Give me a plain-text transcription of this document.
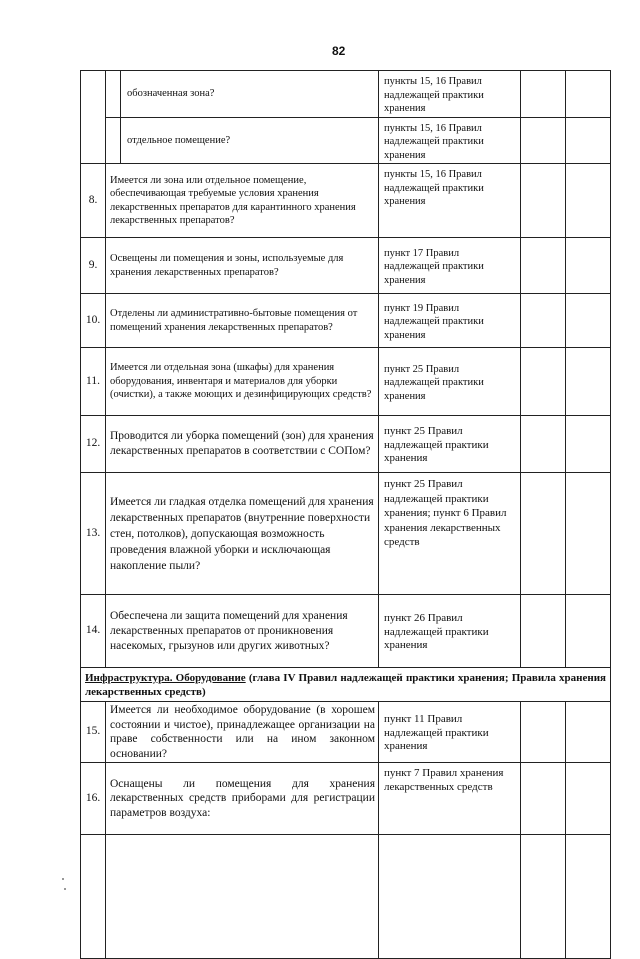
82
		обозначенная зона?	пункты 15, 16 Правил надлежащей практики хранения		
		отдельное помещение?	пункты 15, 16 Правил надлежащей практики хранения		
8.	Имеется ли зона или отдельное помещение, обеспечивающая требуемые условия хранения лекарственных препаратов для карантинного хранения лекарственных препаратов?		пункты 15, 16 Правил надлежащей практики хранения		
9.	Освещены ли помещения и зоны, используемые для хранения лекарственных препаратов?		пункт 17 Правил надлежащей практики хранения		
10.	Отделены ли административно-бытовые помещения от помещений хранения лекарственных препаратов?		пункт 19 Правил надлежащей практики хранения		
11.	Имеется ли отдельная зона (шкафы) для хранения оборудования, инвентаря и материалов для уборки (очистки), а также моющих и дезинфицирующих средств?		пункт 25 Правил надлежащей практики хранения		
12.	Проводится ли уборка помещений (зон) для хранения лекарственных препаратов в соответствии с СОПом?		пункт 25 Правил надлежащей практики хранения		
13.	Имеется ли гладкая отделка помещений для хранения лекарственных препаратов (внутренние поверхности стен, потолков), допускающая возможность проведения влажной уборки и исключающая накопление пыли?		пункт 25 Правил надлежащей практики хранения; пункт 6 Правил хранения лекарственных средств		
14.	Обеспечена ли защита помещений для хранения лекарственных препаратов от проникновения насекомых, грызунов или других животных?		пункт 26 Правил надлежащей практики хранения		
Инфраструктура. Оборудование (глава IV Правил надлежащей практики хранения; Правила хранения лекарственных средств)					
15.	Имеется ли необходимое оборудование (в хорошем состоянии и чистое), принадлежащее организации на праве собственности или на ином законном основании?		пункт 11 Правил надлежащей практики хранения		
16.	Оснащены ли помещения для хранения лекарственных средств приборами для регистрации параметров воздуха:		пункт 7 Правил хранения лекарственных средств		
